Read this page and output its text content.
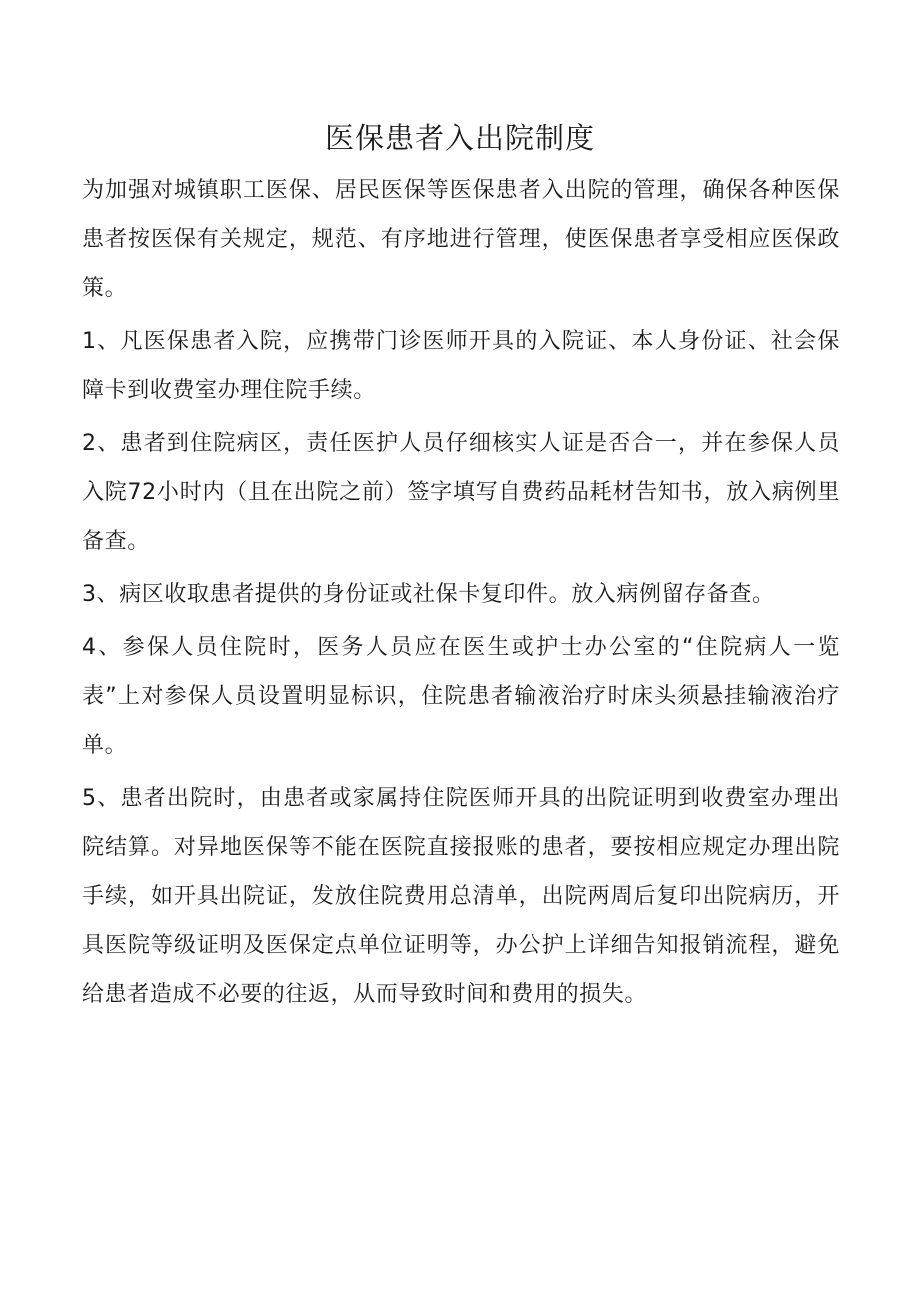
医保患者入出院制度

为加强对城镇职工医保、居民医保等医保患者入出院的管理，确保各种医保患者按医保有关规定，规范、有序地进行管理，使医保患者享受相应医保政策。

1、凡医保患者入院，应携带门诊医师开具的入院证、本人身份证、社会保障卡到收费室办理住院手续。

2、患者到住院病区，责任医护人员仔细核实人证是否合一，并在参保人员入院72小时内（且在出院之前）签字填写自费药品耗材告知书，放入病例里备查。

3、病区收取患者提供的身份证或社保卡复印件。放入病例留存备查。

4、参保人员住院时，医务人员应在医生或护士办公室的“住院病人一览表”上对参保人员设置明显标识，住院患者输液治疗时床头须悬挂输液治疗单。

5、患者出院时，由患者或家属持住院医师开具的出院证明到收费室办理出院结算。对异地医保等不能在医院直接报账的患者，要按相应规定办理出院手续，如开具出院证，发放住院费用总清单，出院两周后复印出院病历，开具医院等级证明及医保定点单位证明等，办公护上详细告知报销流程，避免给患者造成不必要的往返，从而导致时间和费用的损失。
